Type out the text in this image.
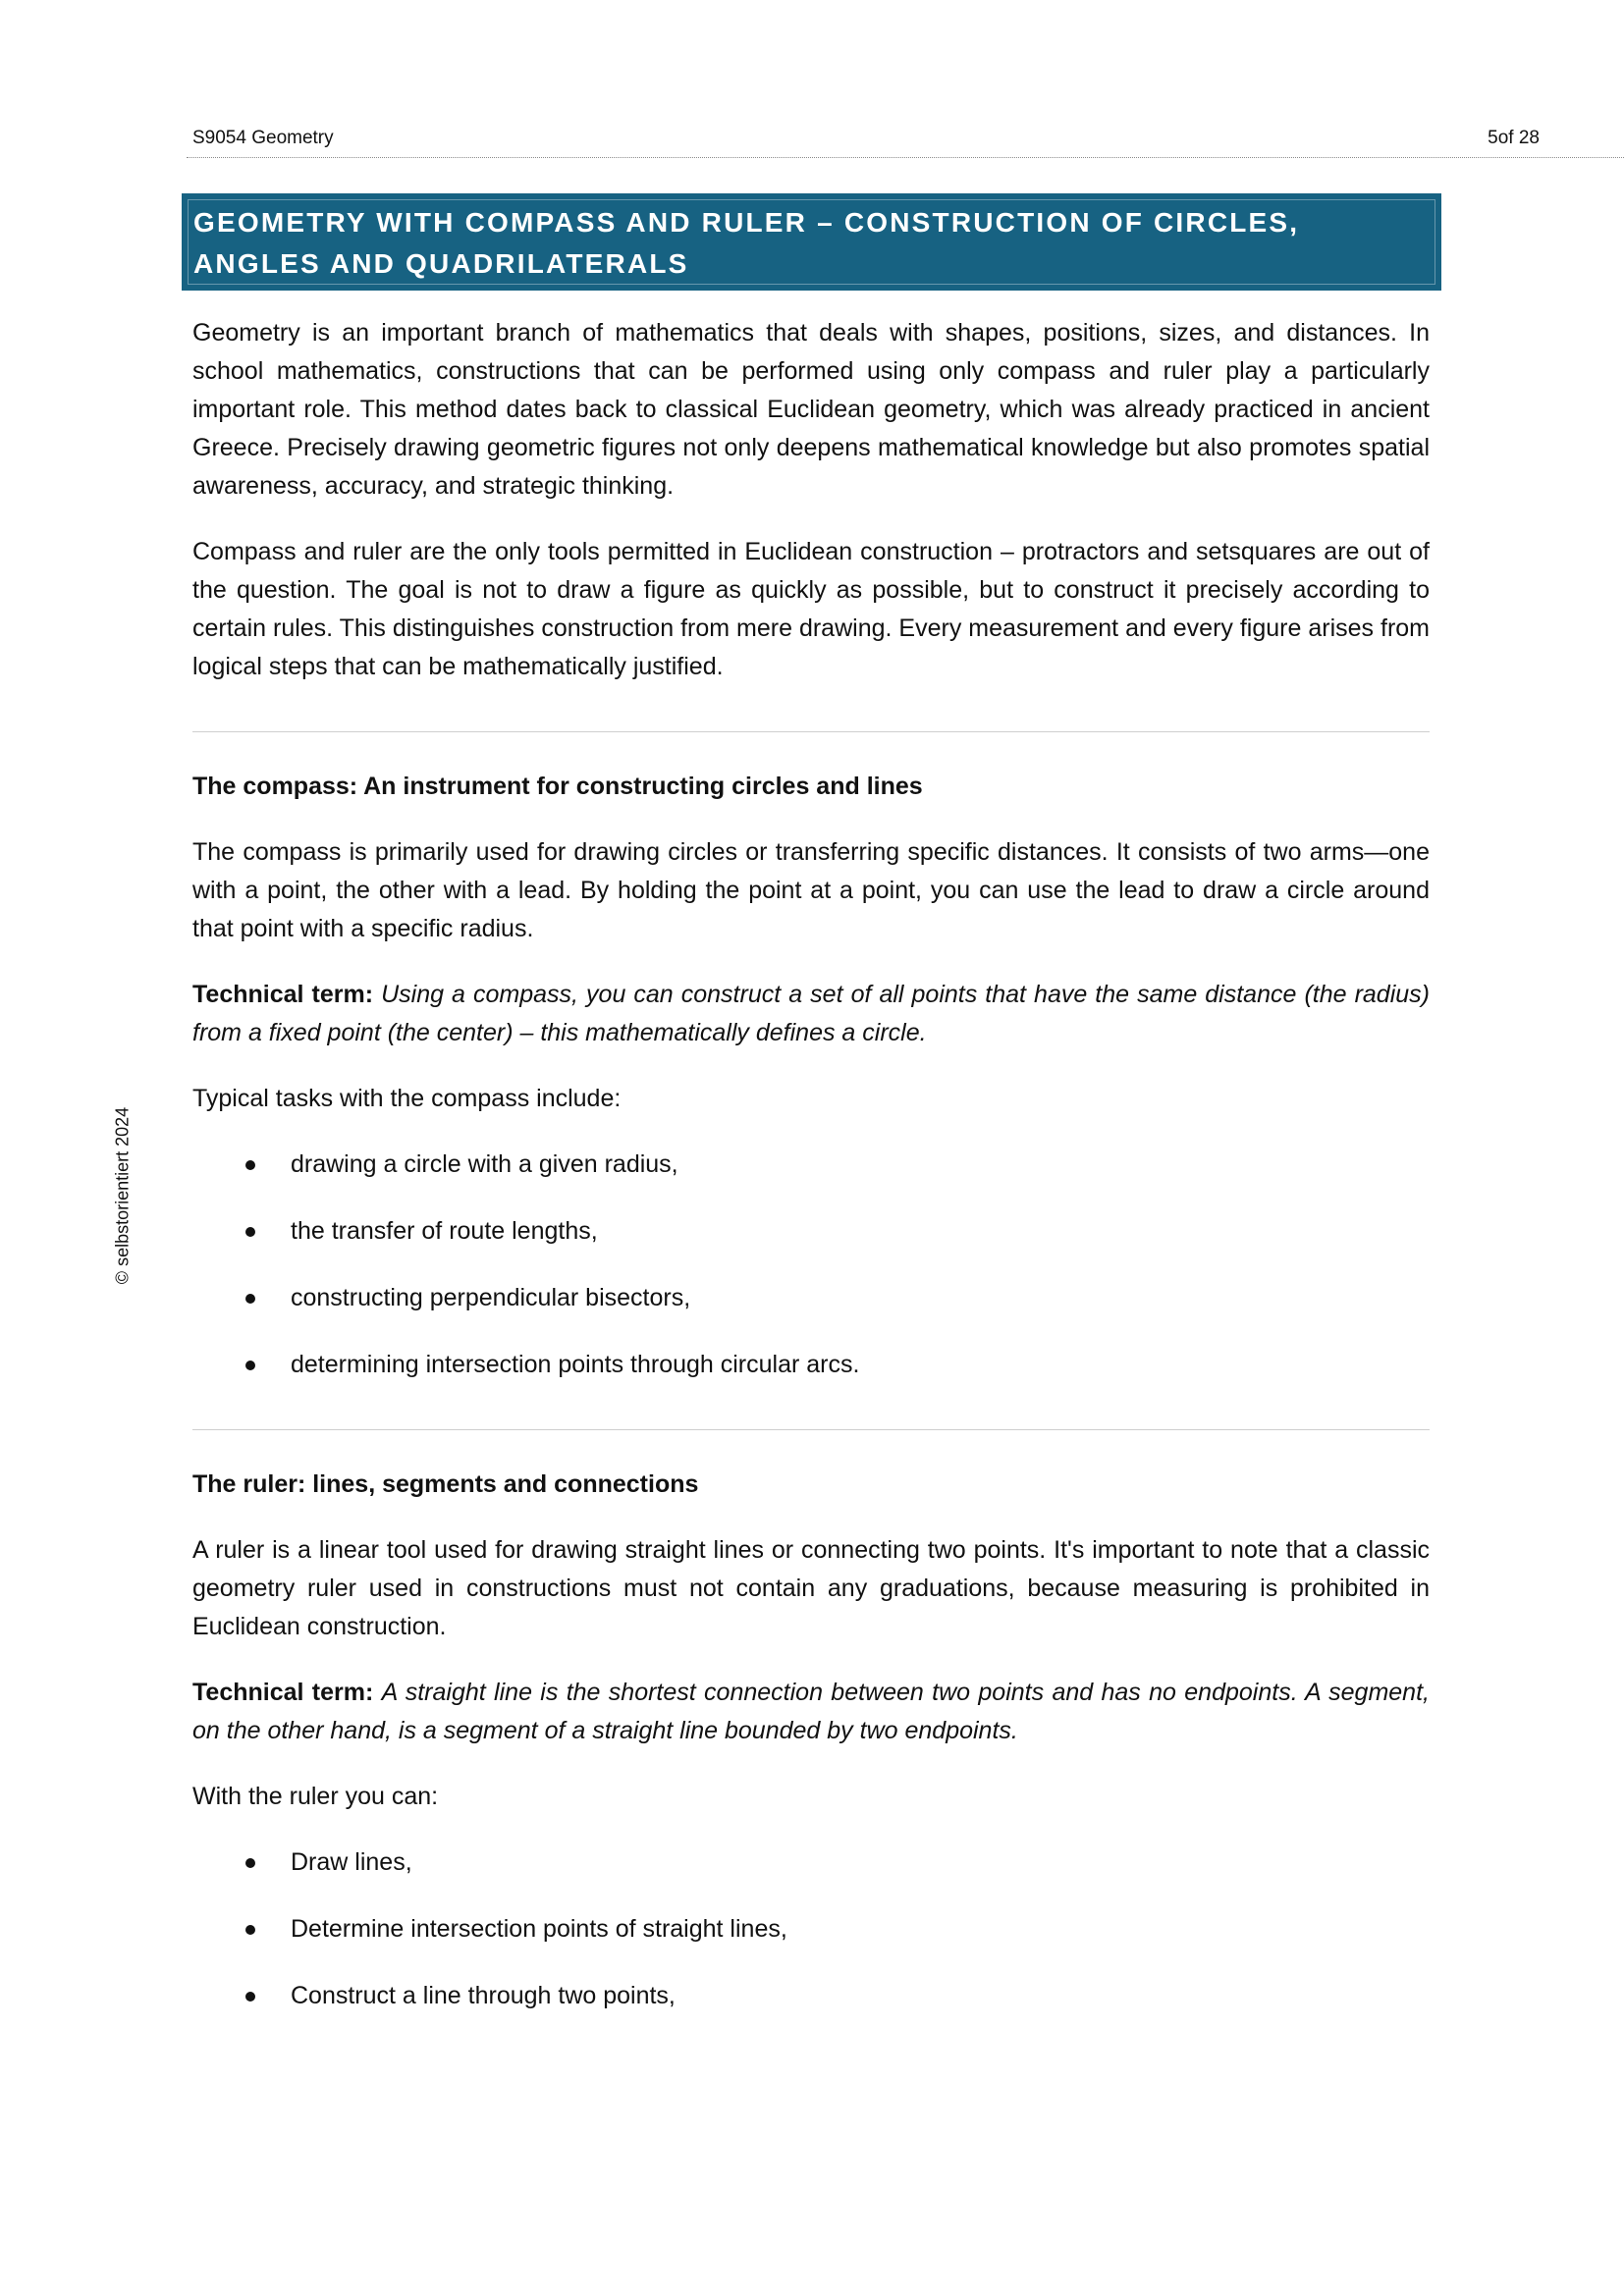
S9054 Geometry	5of 28
© selbstorientiert 2024
GEOMETRY WITH COMPASS AND RULER – CONSTRUCTION OF CIRCLES, ANGLES AND QUADRILATERALS

Geometry is an important branch of mathematics that deals with shapes, positions, sizes, and distances. In school mathematics, constructions that can be performed using only compass and ruler play a particularly important role. This method dates back to classical Euclidean geometry, which was already practiced in ancient Greece. Precisely drawing geometric figures not only deepens mathematical knowledge but also promotes spatial awareness, accuracy, and strategic thinking.

Compass and ruler are the only tools permitted in Euclidean construction – protractors and setsquares are out of the question. The goal is not to draw a figure as quickly as possible, but to construct it precisely according to certain rules. This distinguishes construction from mere drawing. Every measurement and every figure arises from logical steps that can be mathematically justified.

The compass: An instrument for constructing circles and lines

The compass is primarily used for drawing circles or transferring specific distances. It consists of two arms—one with a point, the other with a lead. By holding the point at a point, you can use the lead to draw a circle around that point with a specific radius.

Technical term: Using a compass, you can construct a set of all points that have the same distance (the radius) from a fixed point (the center) – this mathematically defines a circle.

Typical tasks with the compass include:

drawing a circle with a given radius,
the transfer of route lengths,
constructing perpendicular bisectors,
determining intersection points through circular arcs.
The ruler: lines, segments and connections

A ruler is a linear tool used for drawing straight lines or connecting two points. It's important to note that a classic geometry ruler used in constructions must not contain any graduations, because measuring is prohibited in Euclidean construction.

Technical term: A straight line is the shortest connection between two points and has no endpoints. A segment, on the other hand, is a segment of a straight line bounded by two endpoints.

With the ruler you can:

Draw lines,
Determine intersection points of straight lines,
Construct a line through two points,
